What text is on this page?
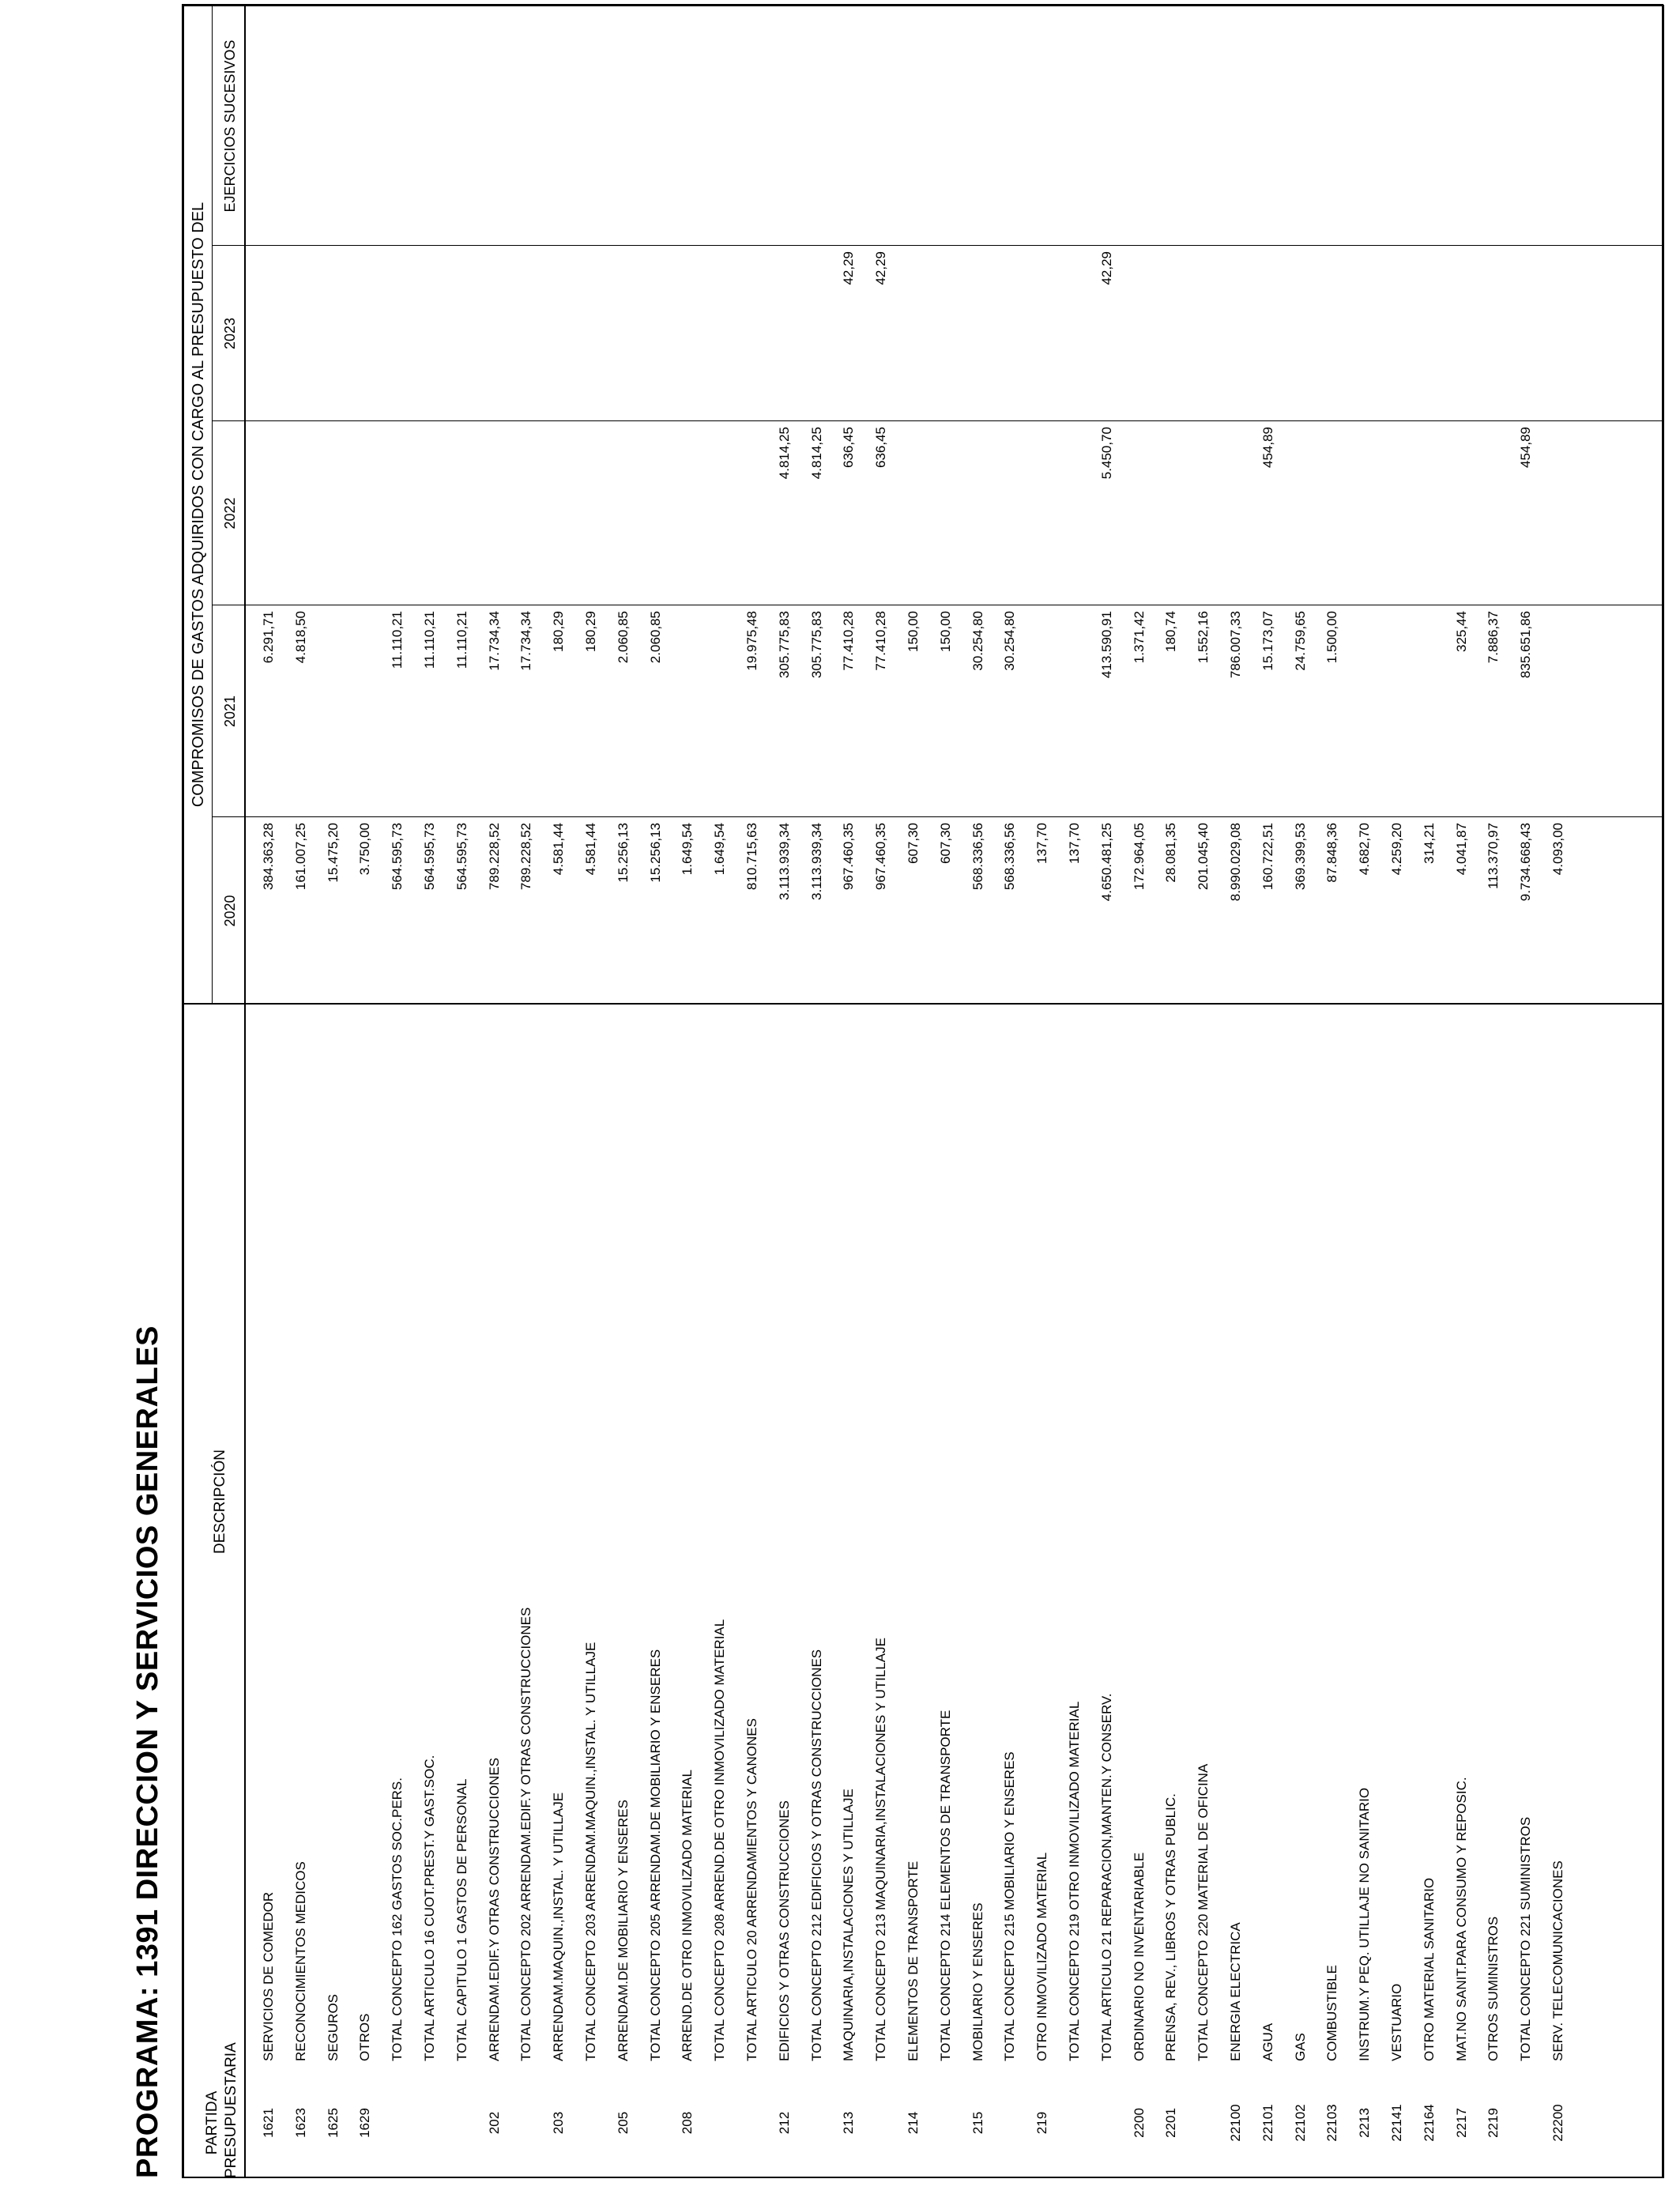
PROGRAMA: 1391 DIRECCION Y SERVICIOS GENERALES	PARTIDA PRESUPUESTARIA
DESCRIPCIÓN
COMPROMISOS DE GASTOS ADQUIRIDOS CON CARGO AL PRESUPUESTO DEL
2020
2021
2022
2023
EJERCICIOS SUCESIVOS
1621
SERVICIOS DE COMEDOR
384.363,28
6.291,71
1623
RECONOCIMIENTOS MEDICOS
161.007,25
4.818,50
1625
SEGUROS
15.475,20
1629
OTROS
3.750,00
TOTAL CONCEPTO 162 GASTOS SOC.PERS.
564.595,73
11.110,21
TOTAL ARTICULO 16 CUOT.PREST.Y GAST.SOC.
564.595,73
11.110,21
TOTAL CAPITULO 1 GASTOS DE PERSONAL
564.595,73
11.110,21
202
ARRENDAM.EDIF.Y OTRAS CONSTRUCCIONES
789.228,52
17.734,34
TOTAL CONCEPTO 202 ARRENDAM.EDIF.Y OTRAS CONSTRUCCIONES
789.228,52
17.734,34
203
ARRENDAM.MAQUIN.,INSTAL. Y UTILLAJE
4.581,44
180,29
TOTAL CONCEPTO 203 ARRENDAM.MAQUIN.,INSTAL. Y UTILLAJE
4.581,44
180,29
205
ARRENDAM.DE MOBILIARIO Y ENSERES
15.256,13
2.060,85
TOTAL CONCEPTO 205 ARRENDAM.DE MOBILIARIO Y ENSERES
15.256,13
2.060,85
208
ARREND.DE OTRO INMOVILIZADO MATERIAL
1.649,54
TOTAL CONCEPTO 208 ARREND.DE OTRO INMOVILIZADO MATERIAL
1.649,54
TOTAL ARTICULO 20 ARRENDAMIENTOS Y CANONES
810.715,63
19.975,48
212
EDIFICIOS Y OTRAS CONSTRUCCIONES
3.113.939,34
305.775,83
4.814,25
TOTAL CONCEPTO 212 EDIFICIOS Y OTRAS CONSTRUCCIONES
3.113.939,34
305.775,83
4.814,25
213
MAQUINARIA,INSTALACIONES Y UTILLAJE
967.460,35
77.410,28
636,45
42,29
TOTAL CONCEPTO 213 MAQUINARIA,INSTALACIONES Y UTILLAJE
967.460,35
77.410,28
636,45
42,29
214
ELEMENTOS DE TRANSPORTE
607,30
150,00
TOTAL CONCEPTO 214 ELEMENTOS DE TRANSPORTE
607,30
150,00
215
MOBILIARIO Y ENSERES
568.336,56
30.254,80
TOTAL CONCEPTO 215 MOBILIARIO Y ENSERES
568.336,56
30.254,80
219
OTRO INMOVILIZADO MATERIAL
137,70
TOTAL CONCEPTO 219 OTRO INMOVILIZADO MATERIAL
137,70
TOTAL ARTICULO 21 REPARACION,MANTEN.Y CONSERV.
4.650.481,25
413.590,91
5.450,70
42,29
2200
ORDINARIO NO INVENTARIABLE
172.964,05
1.371,42
2201
PRENSA, REV., LIBROS Y OTRAS PUBLIC.
28.081,35
180,74
TOTAL CONCEPTO 220 MATERIAL DE OFICINA
201.045,40
1.552,16
22100
ENERGIA ELECTRICA
8.990.029,08
786.007,33
22101
AGUA
160.722,51
15.173,07
454,89
22102
GAS
369.399,53
24.759,65
22103
COMBUSTIBLE
87.848,36
1.500,00
2213
INSTRUM.Y PEQ. UTILLAJE NO SANITARIO
4.682,70
22141
VESTUARIO
4.259,20
22164
OTRO MATERIAL SANITARIO
314,21
2217
MAT.NO SANIT.PARA CONSUMO Y REPOSIC.
4.041,87
325,44
2219
OTROS SUMINISTROS
113.370,97
7.886,37
TOTAL CONCEPTO 221 SUMINISTROS
9.734.668,43
835.651,86
454,89
22200
SERV. TELECOMUNICACIONES
4.093,00
